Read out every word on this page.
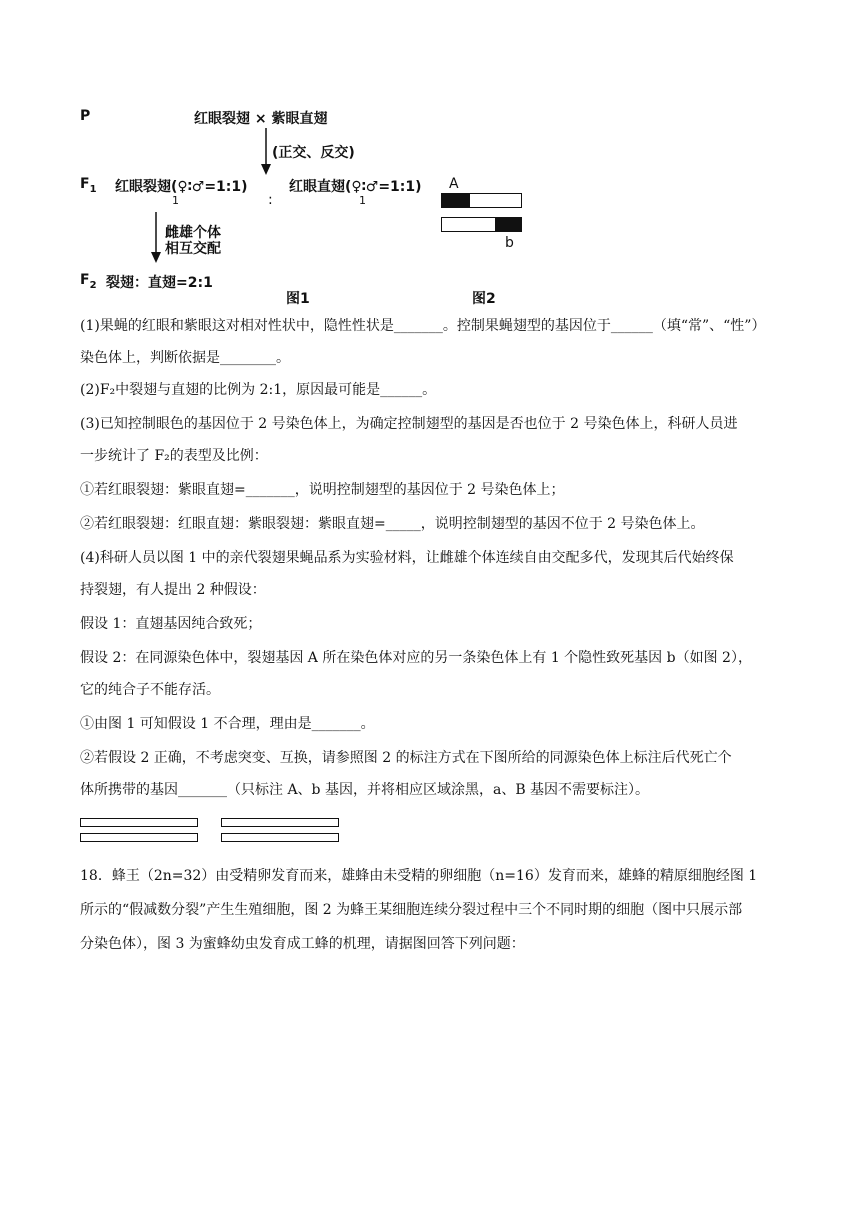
P	红眼裂翅 × 紫眼直翅
(正交、反交)
$F_1$ 红眼裂翅(♀∶♂=1:1)
1	:
红眼直翅(♀∶♂=1:1)
1
雌雄个体
相互交配
$F_2$ 裂翅：直翅=2:1
图1
A
b
图2
(1)果蝇的红眼和紫眼这对相对性状中，隐性性状是_______。控制果蝇翅型的基因位于______（填“常”、“性”）
染色体上，判断依据是________。
(2)F₂中裂翅与直翅的比例为 2:1，原因最可能是______。
(3)已知控制眼色的基因位于 2 号染色体上，为确定控制翅型的基因是否也位于 2 号染色体上，科研人员进
一步统计了 F₂的表型及比例：
①若红眼裂翅：紫眼直翅=_______，说明控制翅型的基因位于 2 号染色体上；
②若红眼裂翅：红眼直翅：紫眼裂翅：紫眼直翅=_____，说明控制翅型的基因不位于 2 号染色体上。
(4)科研人员以图 1 中的亲代裂翅果蝇品系为实验材料，让雌雄个体连续自由交配多代，发现其后代始终保
持裂翅，有人提出 2 种假设：
假设 1：直翅基因纯合致死；
假设 2：在同源染色体中，裂翅基因 A 所在染色体对应的另一条染色体上有 1 个隐性致死基因 b（如图 2），
它的纯合子不能存活。
①由图 1 可知假设 1 不合理，理由是_______。
②若假设 2 正确，不考虑突变、互换，请参照图 2 的标注方式在下图所给的同源染色体上标注后代死亡个
体所携带的基因_______（只标注 A、b 基因，并将相应区域涂黑，a、B 基因不需要标注）。
18．蜂王（2n=32）由受精卵发育而来，雄蜂由未受精的卵细胞（n=16）发育而来，雄蜂的精原细胞经图 1
所示的“假减数分裂”产生生殖细胞，图 2 为蜂王某细胞连续分裂过程中三个不同时期的细胞（图中只展示部
分染色体），图 3 为蜜蜂幼虫发育成工蜂的机理，请据图回答下列问题：
